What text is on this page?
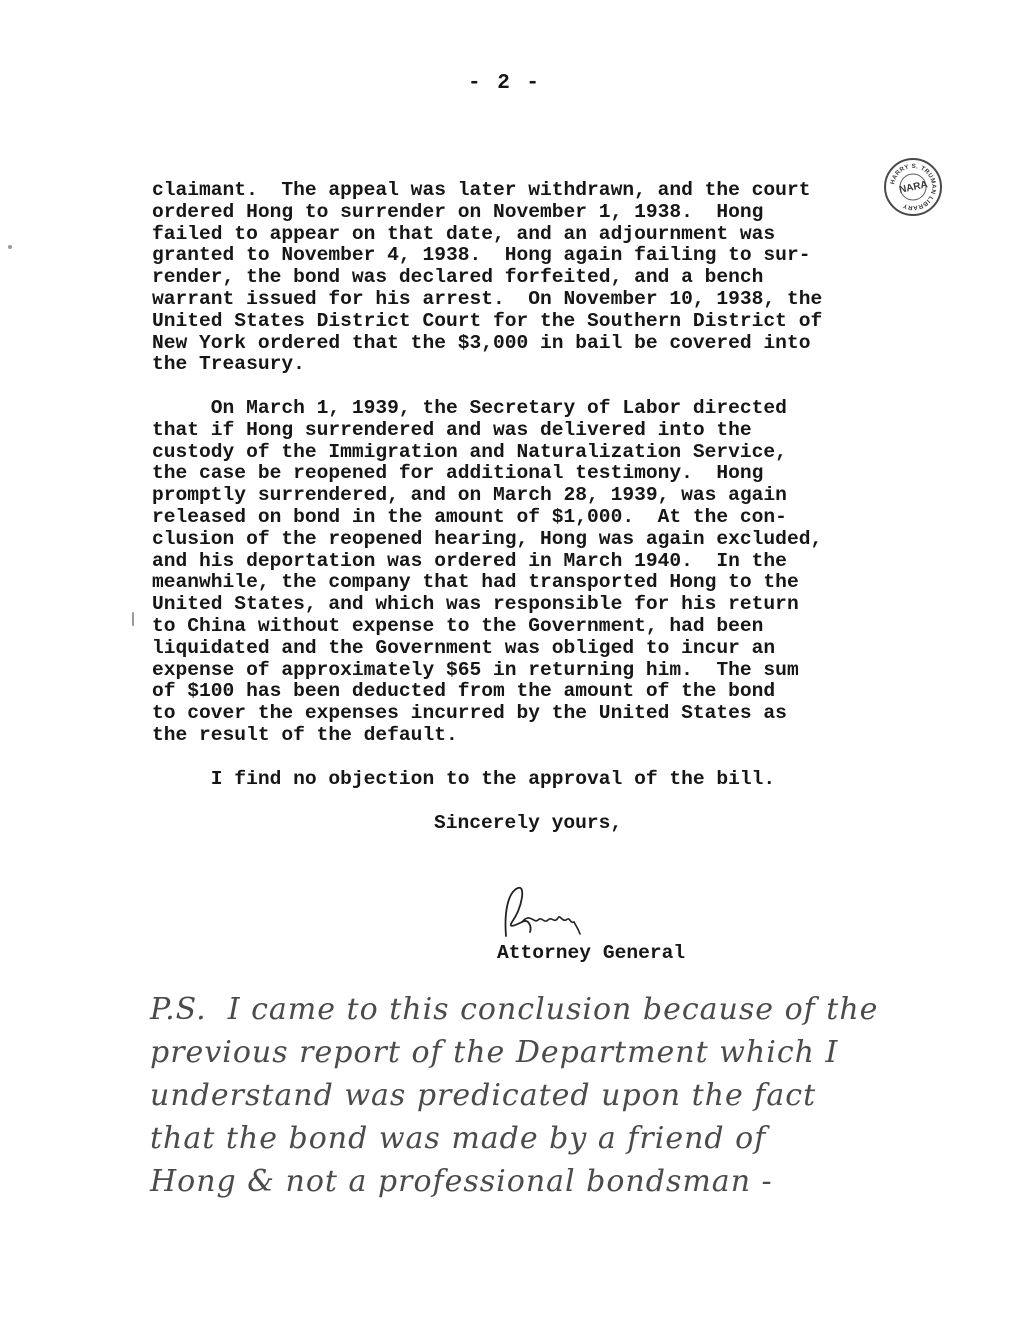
- 2 -
HARRY S. TRUMAN LIBRARY
NARA
claimant.  The appeal was later withdrawn, and the court
ordered Hong to surrender on November 1, 1938.  Hong
failed to appear on that date, and an adjournment was
granted to November 4, 1938.  Hong again failing to sur-
render, the bond was declared forfeited, and a bench
warrant issued for his arrest.  On November 10, 1938, the
United States District Court for the Southern District of
New York ordered that the $3,000 in bail be covered into
the Treasury.
On March 1, 1939, the Secretary of Labor directed
that if Hong surrendered and was delivered into the
custody of the Immigration and Naturalization Service,
the case be reopened for additional testimony.  Hong
promptly surrendered, and on March 28, 1939, was again
released on bond in the amount of $1,000.  At the con-
clusion of the reopened hearing, Hong was again excluded,
and his deportation was ordered in March 1940.  In the
meanwhile, the company that had transported Hong to the
United States, and which was responsible for his return
to China without expense to the Government, had been
liquidated and the Government was obliged to incur an
expense of approximately $65 in returning him.  The sum
of $100 has been deducted from the amount of the bond
to cover the expenses incurred by the United States as
the result of the default.
I find no objection to the approval of the bill.
Sincerely yours,
Attorney General
P.S.  I came to this conclusion because of the
previous report of the Department which I
understand was predicated upon the fact
that the bond was made by a friend of
Hong & not a professional bondsman -
